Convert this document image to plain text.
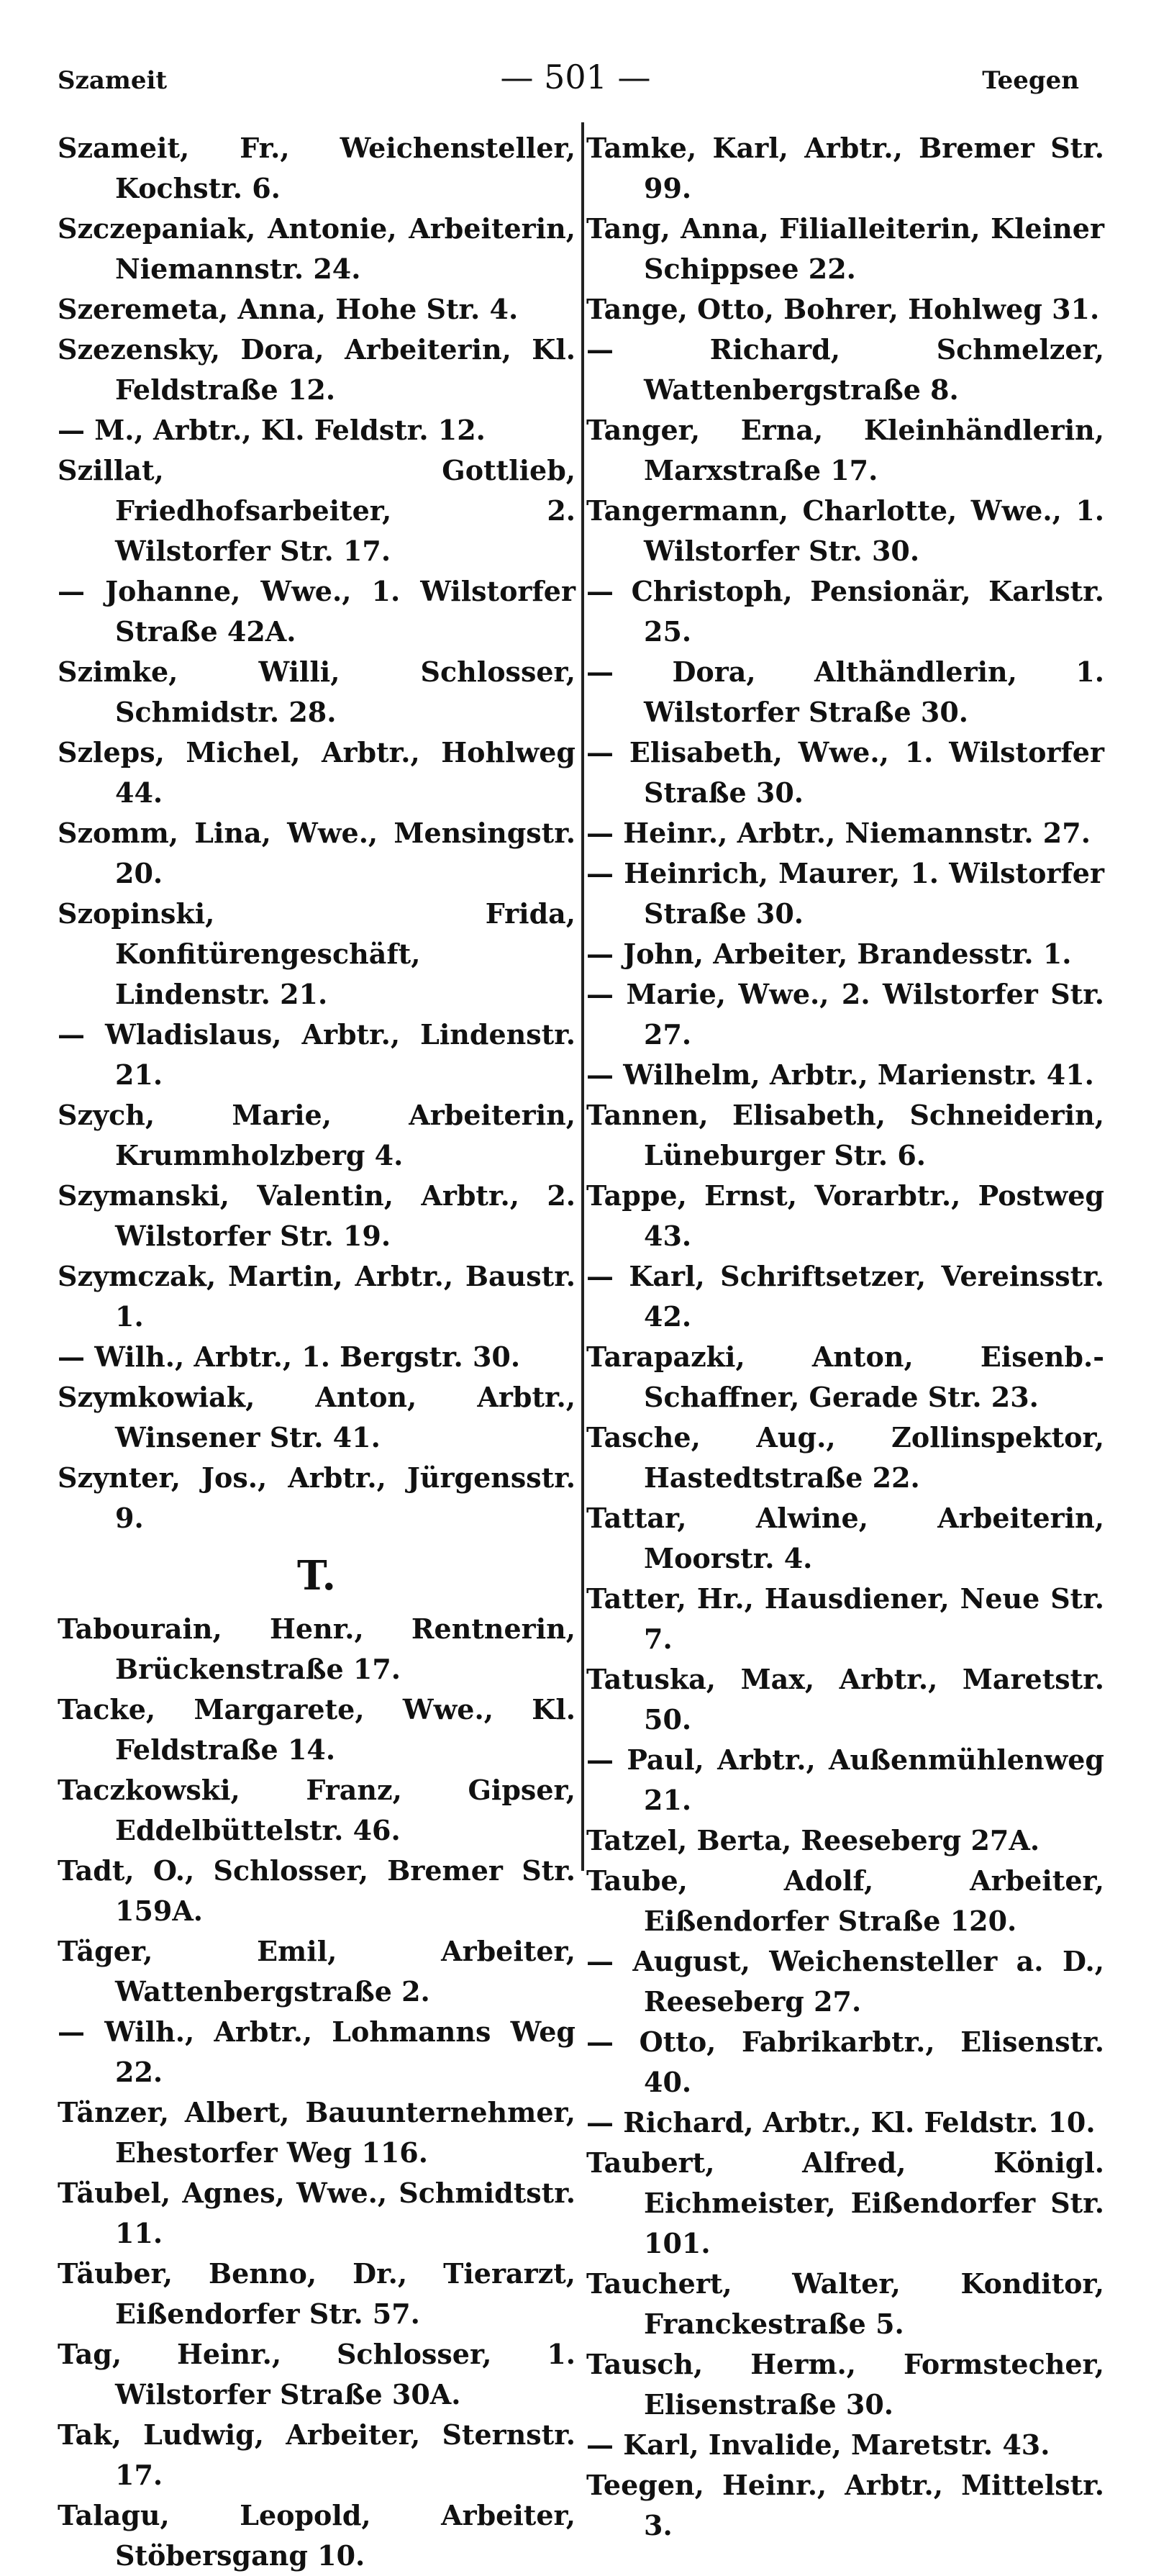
Szameit	— 501 —	Teegen
Szameit, Fr., Weichensteller, Kochstr. 6.
Szczepaniak, Antonie, Arbeiterin, Niemannstr. 24.
Szeremeta, Anna, Hohe Str. 4.
Szezensky, Dora, Arbeiterin, Kl. Feldstraße 12.
— M., Arbtr., Kl. Feldstr. 12.
Szillat, Gottlieb, Friedhofsarbeiter, 2. Wilstorfer Str. 17.
— Johanne, Wwe., 1. Wilstorfer Straße 42A.
Szimke, Willi, Schlosser, Schmidstr. 28.
Szleps, Michel, Arbtr., Hohlweg 44.
Szomm, Lina, Wwe., Mensingstr. 20.
Szopinski, Frida, Konfitürengeschäft, Lindenstr. 21.
— Wladislaus, Arbtr., Lindenstr. 21.
Szych, Marie, Arbeiterin, Krummholzberg 4.
Szymanski, Valentin, Arbtr., 2. Wilstorfer Str. 19.
Szymczak, Martin, Arbtr., Baustr. 1.
— Wilh., Arbtr., 1. Bergstr. 30.
Szymkowiak, Anton, Arbtr., Winsener Str. 41.
Szynter, Jos., Arbtr., Jürgensstr. 9.
T.
Tabourain, Henr., Rentnerin, Brückenstraße 17.
Tacke, Margarete, Wwe., Kl. Feldstraße 14.
Taczkowski, Franz, Gipser, Eddelbüttelstr. 46.
Tadt, O., Schlosser, Bremer Str. 159A.
Täger, Emil, Arbeiter, Wattenbergstraße 2.
— Wilh., Arbtr., Lohmanns Weg 22.
Tänzer, Albert, Bauunternehmer, Ehestorfer Weg 116.
Täubel, Agnes, Wwe., Schmidtstr. 11.
Täuber, Benno, Dr., Tierarzt, Eißendorfer Str. 57.
Tag, Heinr., Schlosser, 1. Wilstorfer Straße 30A.
Tak, Ludwig, Arbeiter, Sternstr. 17.
Talagu, Leopold, Arbeiter, Stöbersgang 10.
Tamke, Karl, Arbtr., Bremer Str. 99.
Tang, Anna, Filialleiterin, Kleiner Schippsee 22.
Tange, Otto, Bohrer, Hohlweg 31.
— Richard, Schmelzer, Wattenbergstraße 8.
Tanger, Erna, Kleinhändlerin, Marxstraße 17.
Tangermann, Charlotte, Wwe., 1. Wilstorfer Str. 30.
— Christoph, Pensionär, Karlstr. 25.
— Dora, Althändlerin, 1. Wilstorfer Straße 30.
— Elisabeth, Wwe., 1. Wilstorfer Straße 30.
— Heinr., Arbtr., Niemannstr. 27.
— Heinrich, Maurer, 1. Wilstorfer Straße 30.
— John, Arbeiter, Brandesstr. 1.
— Marie, Wwe., 2. Wilstorfer Str. 27.
— Wilhelm, Arbtr., Marienstr. 41.
Tannen, Elisabeth, Schneiderin, Lüneburger Str. 6.
Tappe, Ernst, Vorarbtr., Postweg 43.
— Karl, Schriftsetzer, Vereinsstr. 42.
Tarapazki, Anton, Eisenb.-Schaffner, Gerade Str. 23.
Tasche, Aug., Zollinspektor, Hastedtstraße 22.
Tattar, Alwine, Arbeiterin, Moorstr. 4.
Tatter, Hr., Hausdiener, Neue Str. 7.
Tatuska, Max, Arbtr., Maretstr. 50.
— Paul, Arbtr., Außenmühlenweg 21.
Tatzel, Berta, Reeseberg 27A.
Taube, Adolf, Arbeiter, Eißendorfer Straße 120.
— August, Weichensteller a. D., Reeseberg 27.
— Otto, Fabrikarbtr., Elisenstr. 40.
— Richard, Arbtr., Kl. Feldstr. 10.
Taubert, Alfred, Königl. Eichmeister, Eißendorfer Str. 101.
Tauchert, Walter, Konditor, Franckestraße 5.
Tausch, Herm., Formstecher, Elisenstraße 30.
— Karl, Invalide, Maretstr. 43.
Teegen, Heinr., Arbtr., Mittelstr. 3.
